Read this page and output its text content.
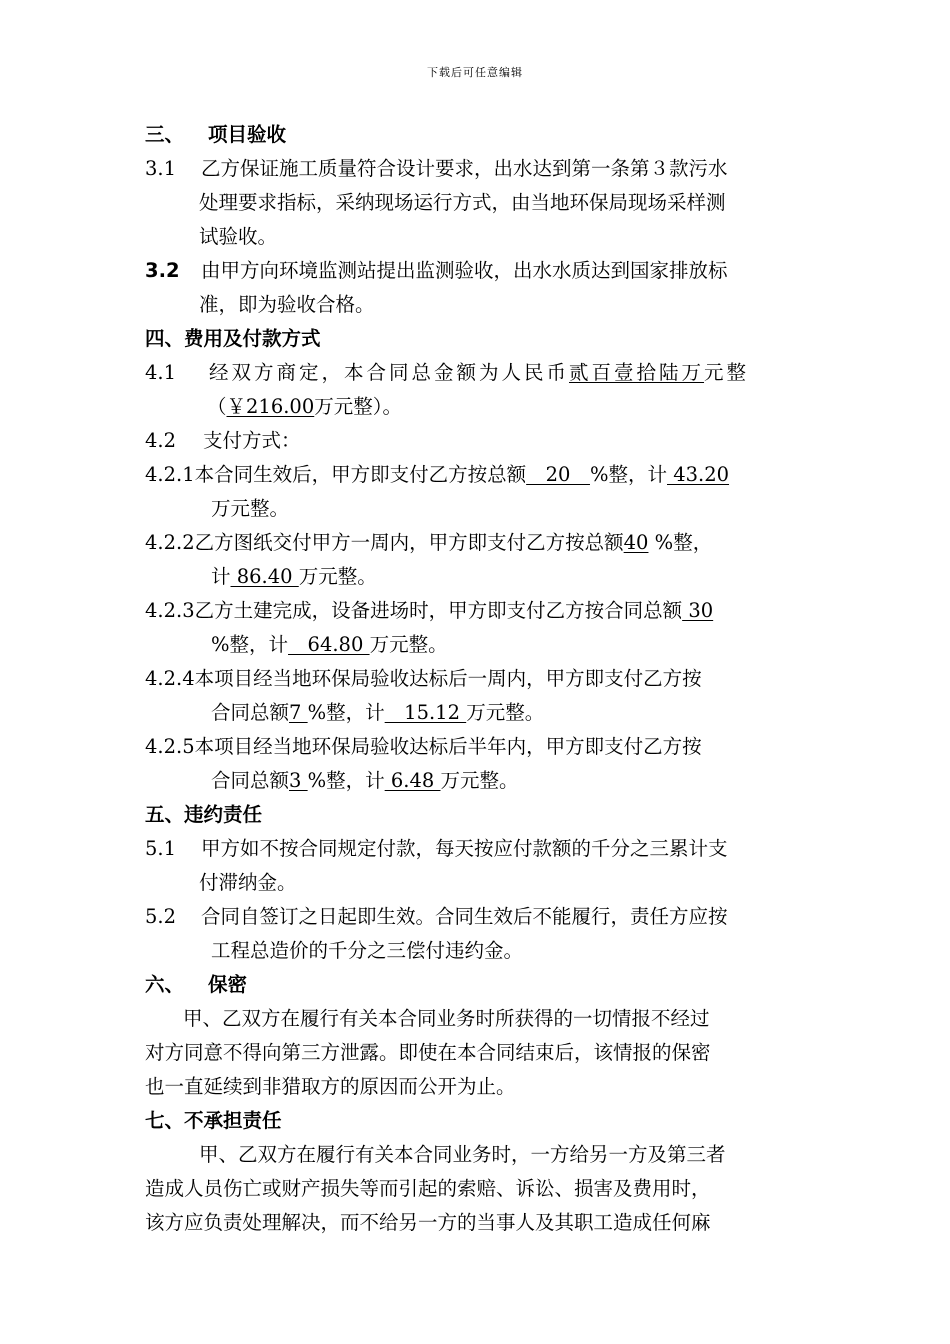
下载后可任意编辑
三、 项目验收
3.1 乙方保证施工质量符合设计要求，出水达到第一条第３款污水
处理要求指标，采纳现场运行方式，由当地环保局现场采样测
试验收。
3.2 由甲方向环境监测站提出监测验收，出水水质达到国家排放标
准，即为验收合格。
四、费用及付款方式
4.1 经双方商定，本合同总金额为人民币贰百壹拾陆万元整
（￥216.00万元整）。
4.2 支付方式：
4.2.1本合同生效后，甲方即支付乙方按总额　20　%整，计 43.20
万元整。
4.2.2乙方图纸交付甲方一周内，甲方即支付乙方按总额40 %整，
计 86.40 万元整。
4.2.3乙方土建完成，设备进场时，甲方即支付乙方按合同总额 30
%整，计　64.80 万元整。
4.2.4本项目经当地环保局验收达标后一周内，甲方即支付乙方按
合同总额7 %整，计　15.12 万元整。
4.2.5本项目经当地环保局验收达标后半年内，甲方即支付乙方按
合同总额3 %整，计 6.48 万元整。
五、违约责任
5.1 甲方如不按合同规定付款，每天按应付款额的千分之三累计支
付滞纳金。
5.2 合同自签订之日起即生效。合同生效后不能履行，责任方应按
工程总造价的千分之三偿付违约金。
六、 保密
甲、乙双方在履行有关本合同业务时所获得的一切情报不经过
对方同意不得向第三方泄露。即使在本合同结束后，该情报的保密
也一直延续到非猎取方的原因而公开为止。
七、不承担责任
甲、乙双方在履行有关本合同业务时，一方给另一方及第三者
造成人员伤亡或财产损失等而引起的索赔、诉讼、损害及费用时，
该方应负责处理解决，而不给另一方的当事人及其职工造成任何麻
